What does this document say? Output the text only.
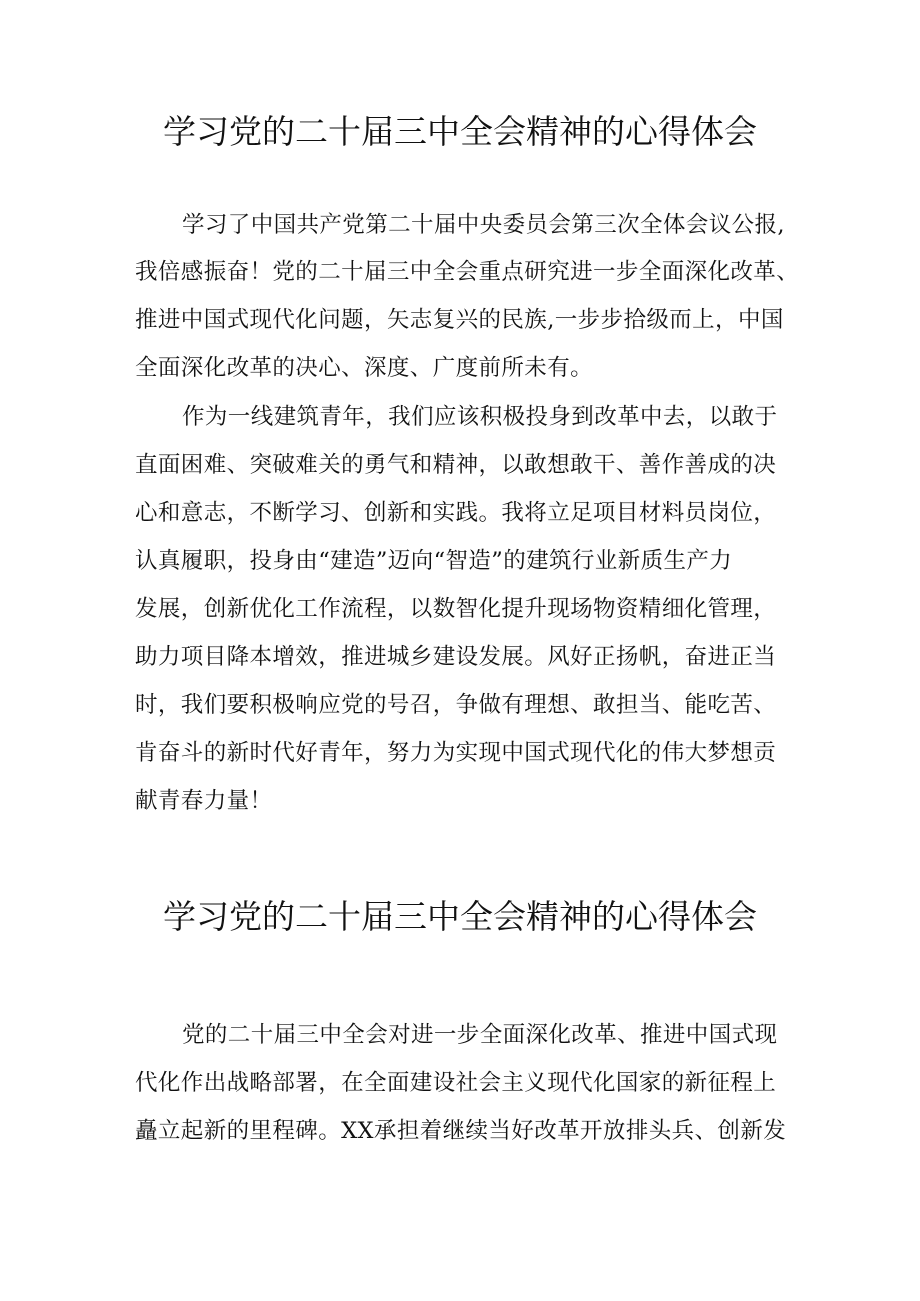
学习党的二十届三中全会精神的心得体会

学习了中国共产党第二十届中央委员会第三次全体会议公报,

我倍感振奋！党的二十届三中全会重点研究进一步全面深化改革、

推进中国式现代化问题，矢志复兴的民族,一步步拾级而上，中国

全面深化改革的决心、深度、广度前所未有。

作为一线建筑青年，我们应该积极投身到改革中去，以敢于

直面困难、突破难关的勇气和精神，以敢想敢干、善作善成的决

心和意志，不断学习、创新和实践。我将立足项目材料员岗位，

认真履职，投身由“建造”迈向“智造”的建筑行业新质生产力

发展，创新优化工作流程，以数智化提升现场物资精细化管理，

助力项目降本增效，推进城乡建设发展。风好正扬帆，奋进正当

时，我们要积极响应党的号召，争做有理想、敢担当、能吃苦、

肯奋斗的新时代好青年，努力为实现中国式现代化的伟大梦想贡

献青春力量！

学习党的二十届三中全会精神的心得体会

党的二十届三中全会对进一步全面深化改革、推进中国式现

代化作出战略部署，在全面建设社会主义现代化国家的新征程上

矗立起新的里程碑。XX承担着继续当好改革开放排头兵、创新发
